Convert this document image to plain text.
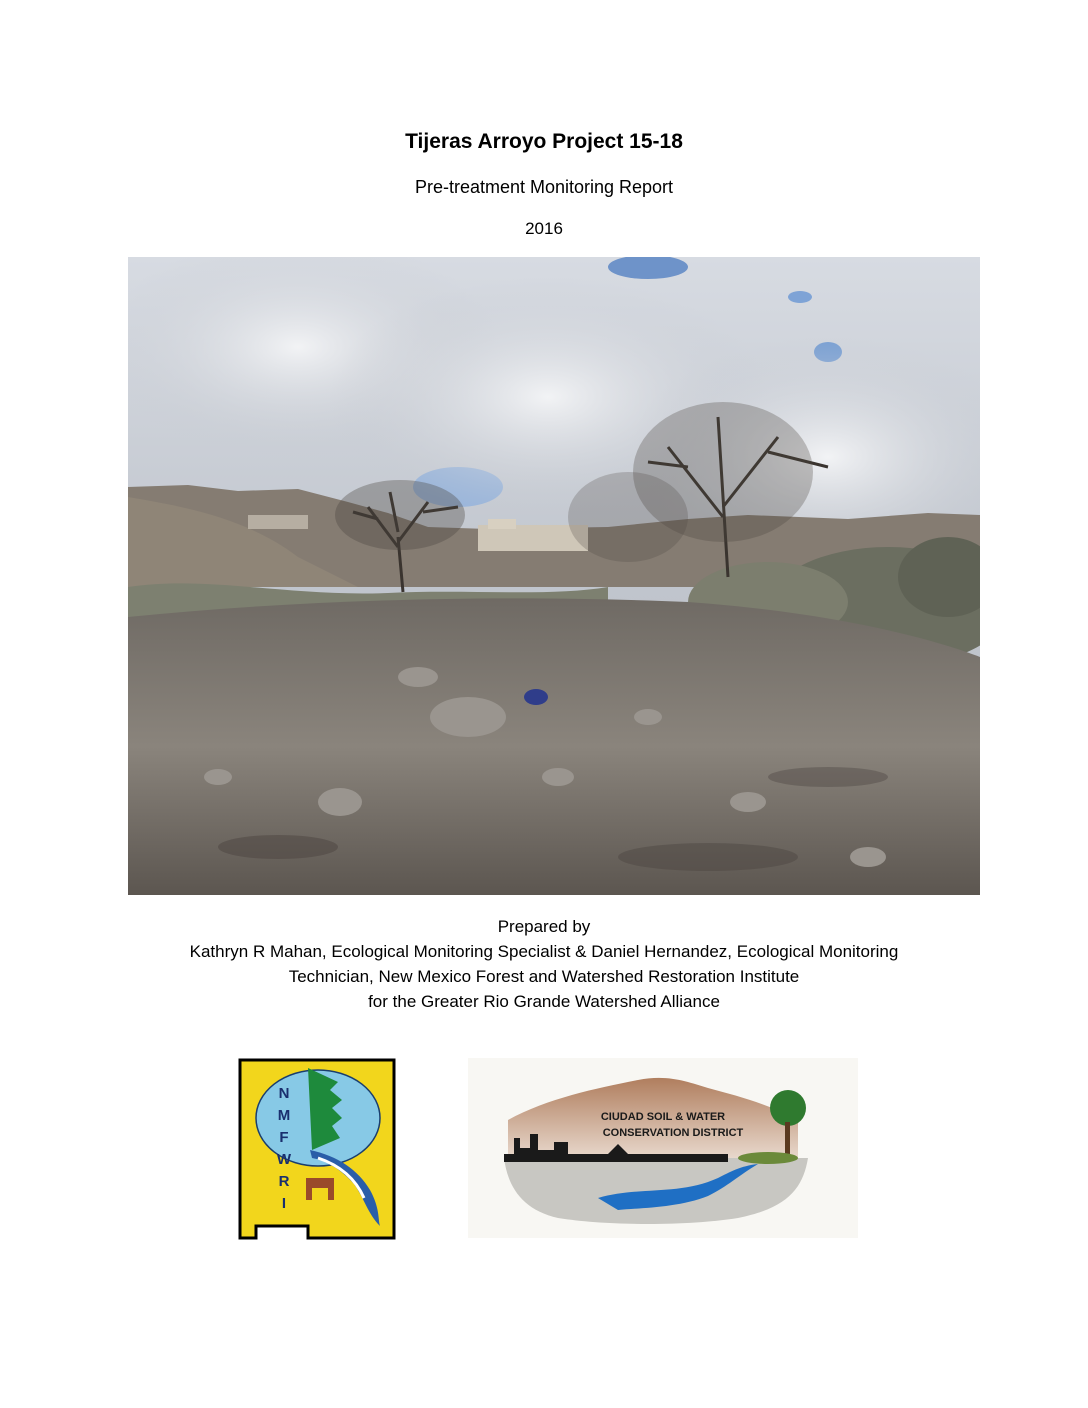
Tijeras Arroyo Project 15-18
Pre-treatment Monitoring Report
2016
Prepared by
Kathryn R Mahan, Ecological Monitoring Specialist & Daniel Hernandez, Ecological Monitoring
Technician, New Mexico Forest and Watershed Restoration Institute
for the Greater Rio Grande Watershed Alliance
N
M
F
W
R
I
CIUDAD SOIL & WATER
CONSERVATION DISTRICT
